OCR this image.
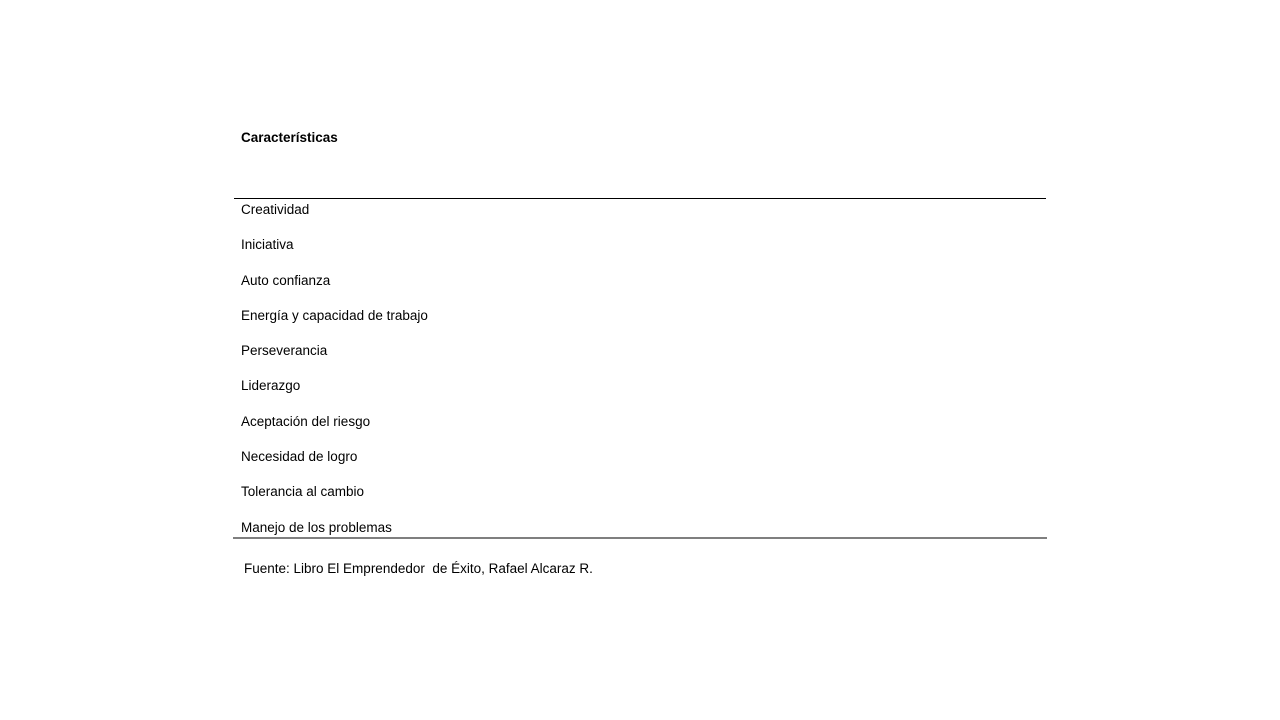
Características
Creatividad
Iniciativa
Auto confianza
Energía y capacidad de trabajo
Perseverancia
Liderazgo
Aceptación del riesgo
Necesidad de logro
Tolerancia al cambio
Manejo de los problemas
Fuente: Libro El Emprendedor  de Éxito, Rafael Alcaraz R.
